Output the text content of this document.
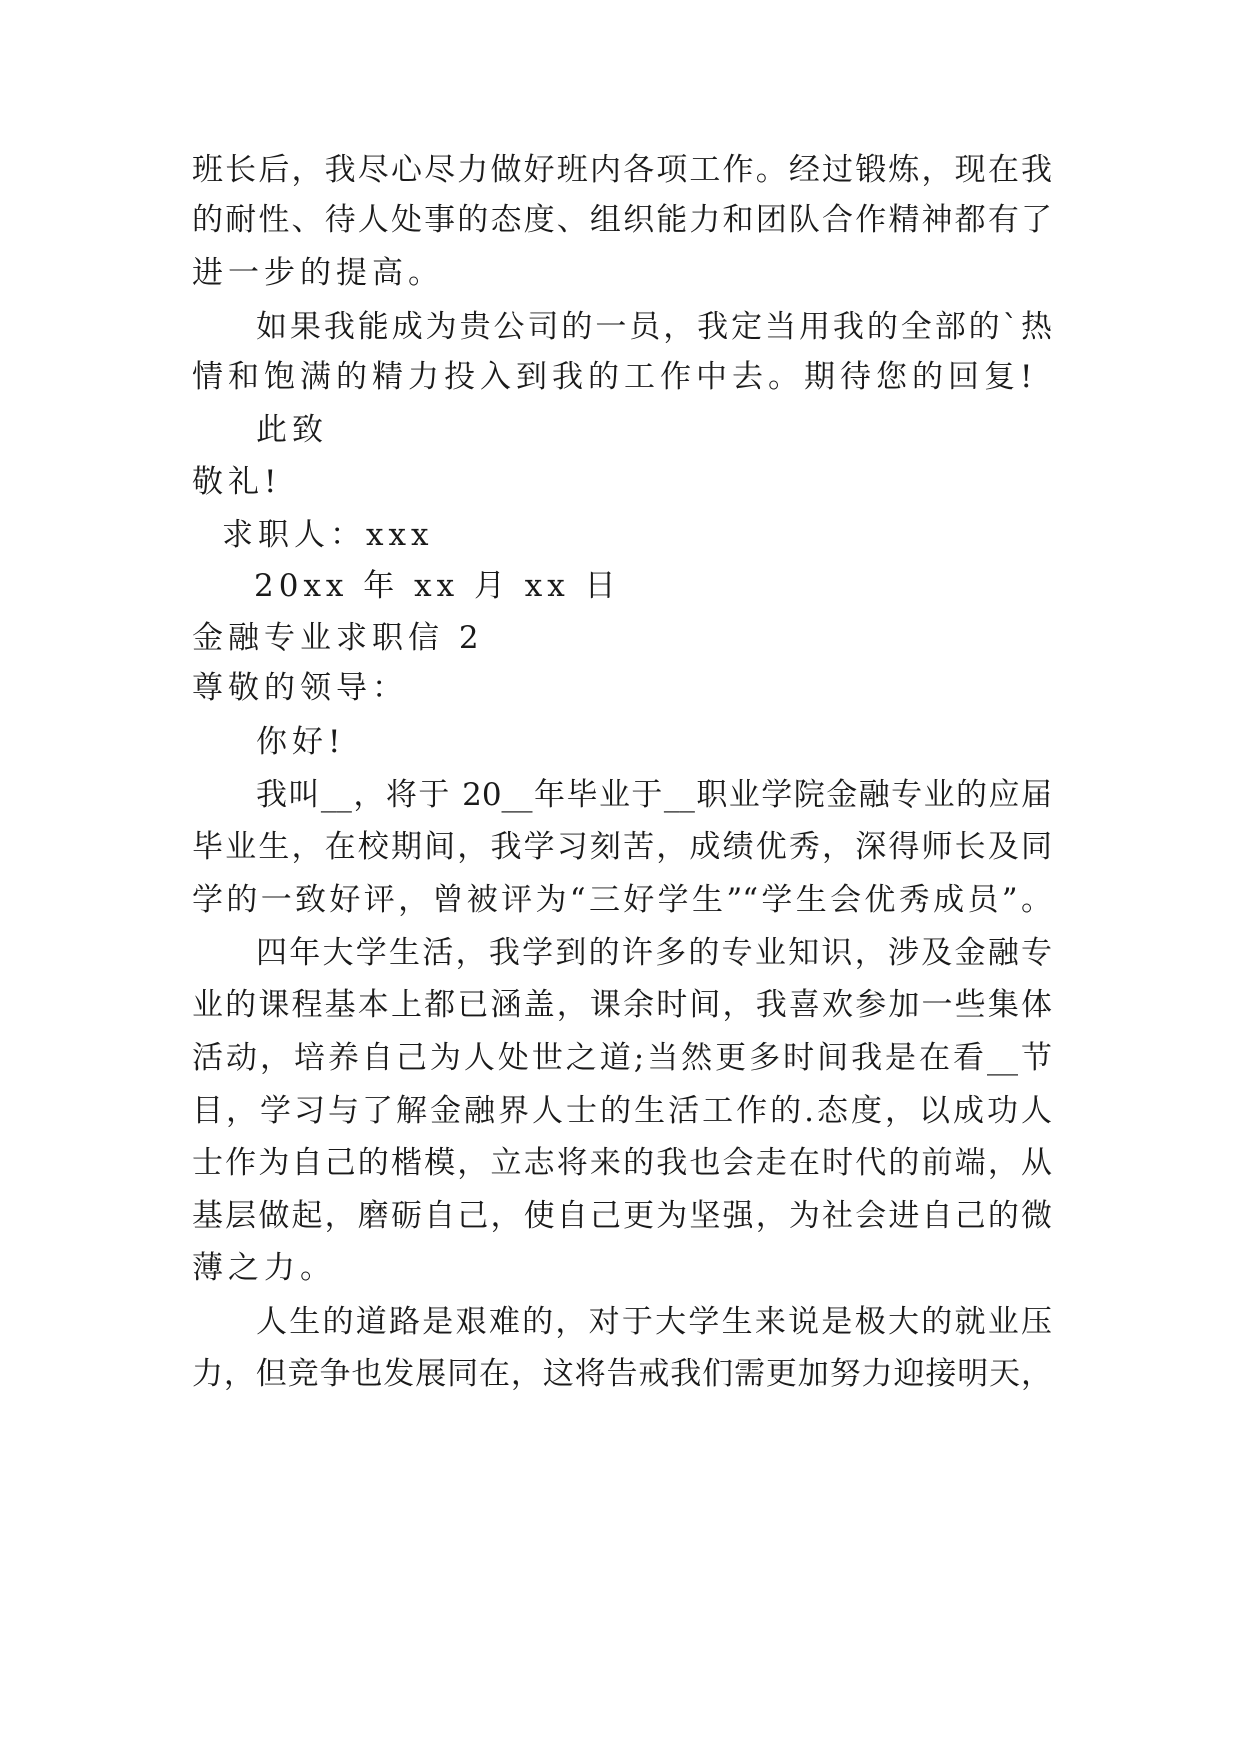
班长后，我尽心尽力做好班内各项工作。经过锻炼，现在我
的耐性、待人处事的态度、组织能力和团队合作精神都有了
进一步的提高。
如果我能成为贵公司的一员，我定当用我的全部的`热
情和饱满的精力投入到我的工作中去。期待您的回复!
此致
敬礼!
求职人：xxx
20xx 年 xx 月 xx 日
金融专业求职信 2
尊敬的领导：
你好!
我叫__，将于 20__年毕业于__职业学院金融专业的应届
毕业生，在校期间，我学习刻苦，成绩优秀，深得师长及同
学的一致好评，曾被评为“三好学生”“学生会优秀成员”。
四年大学生活，我学到的许多的专业知识，涉及金融专
业的课程基本上都已涵盖，课余时间，我喜欢参加一些集体
活动，培养自己为人处世之道;当然更多时间我是在看__节
目，学习与了解金融界人士的生活工作的.态度，以成功人
士作为自己的楷模，立志将来的我也会走在时代的前端，从
基层做起，磨砺自己，使自己更为坚强，为社会进自己的微
薄之力。
人生的道路是艰难的，对于大学生来说是极大的就业压
力，但竞争也发展同在，这将告戒我们需更加努力迎接明天，
